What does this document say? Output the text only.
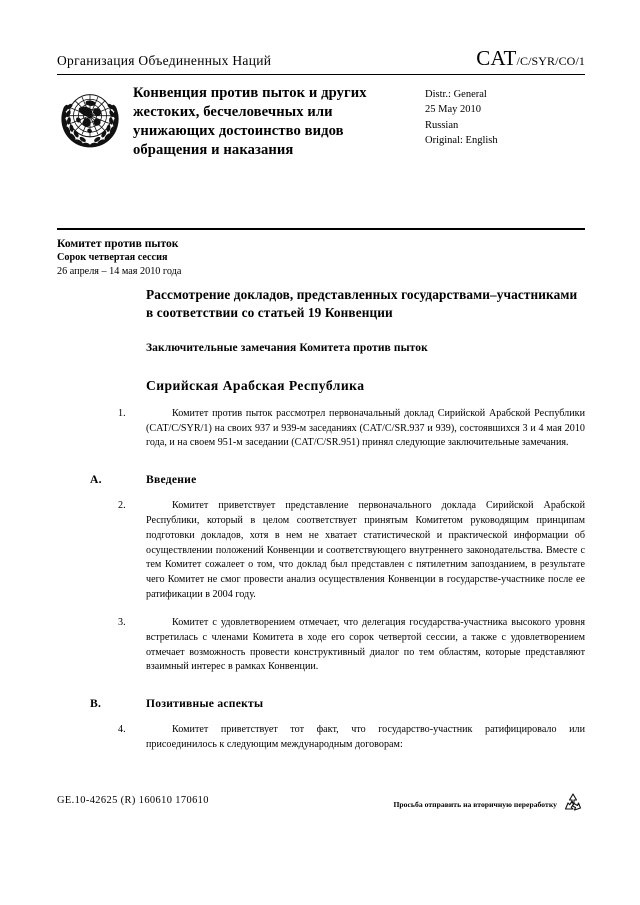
Организация Объединенных Наций	CAT/C/SYR/CO/1
Конвенция против пыток и других жестоких, бесчеловечных или унижающих достоинство видов обращения и наказания
Distr.: General
25 May 2010
Russian
Original: English
Комитет против пыток
Сорок четвертая сессия
26 апреля – 14 мая 2010 года
Рассмотрение докладов, представленных государствами–участниками в соответствии со статьей 19 Конвенции
Заключительные замечания Комитета против пыток
Сирийская Арабская Республика
1.	Комитет против пыток рассмотрел первоначальный доклад Сирийской Арабской Республики (CAT/C/SYR/1) на своих 937 и 939-м заседаниях (CAT/C/SR.937 и 939), состоявшихся 3 и 4 мая 2010 года, и на своем 951-м заседании (CAT/C/SR.951) принял следующие заключительные замечания.
A.	Введение
2.	Комитет приветствует представление первоначального доклада Сирийской Арабской Республики, который в целом соответствует принятым Комитетом руководящим принципам подготовки докладов, хотя в нем не хватает статистической и практической информации об осуществлении положений Конвенции и соответствующего внутреннего законодательства. Вместе с тем Комитет сожалеет о том, что доклад был представлен с пятилетним запозданием, в результате чего Комитет не смог провести анализ осуществления Конвенции в государстве-участнике после ее ратификации в 2004 году.
3.	Комитет с удовлетворением отмечает, что делегация государства-участника высокого уровня встретилась с членами Комитета в ходе его сорок четвертой сессии, а также с удовлетворением отмечает возможность провести конструктивный диалог по тем областям, которые представляют взаимный интерес в рамках Конвенции.
B.	Позитивные аспекты
4.	Комитет приветствует тот факт, что государство-участник ратифицировало или присоединилось к следующим международным договорам:
GE.10-42625 (R) 160610 170610	Просьба отправить на вторичную переработку
